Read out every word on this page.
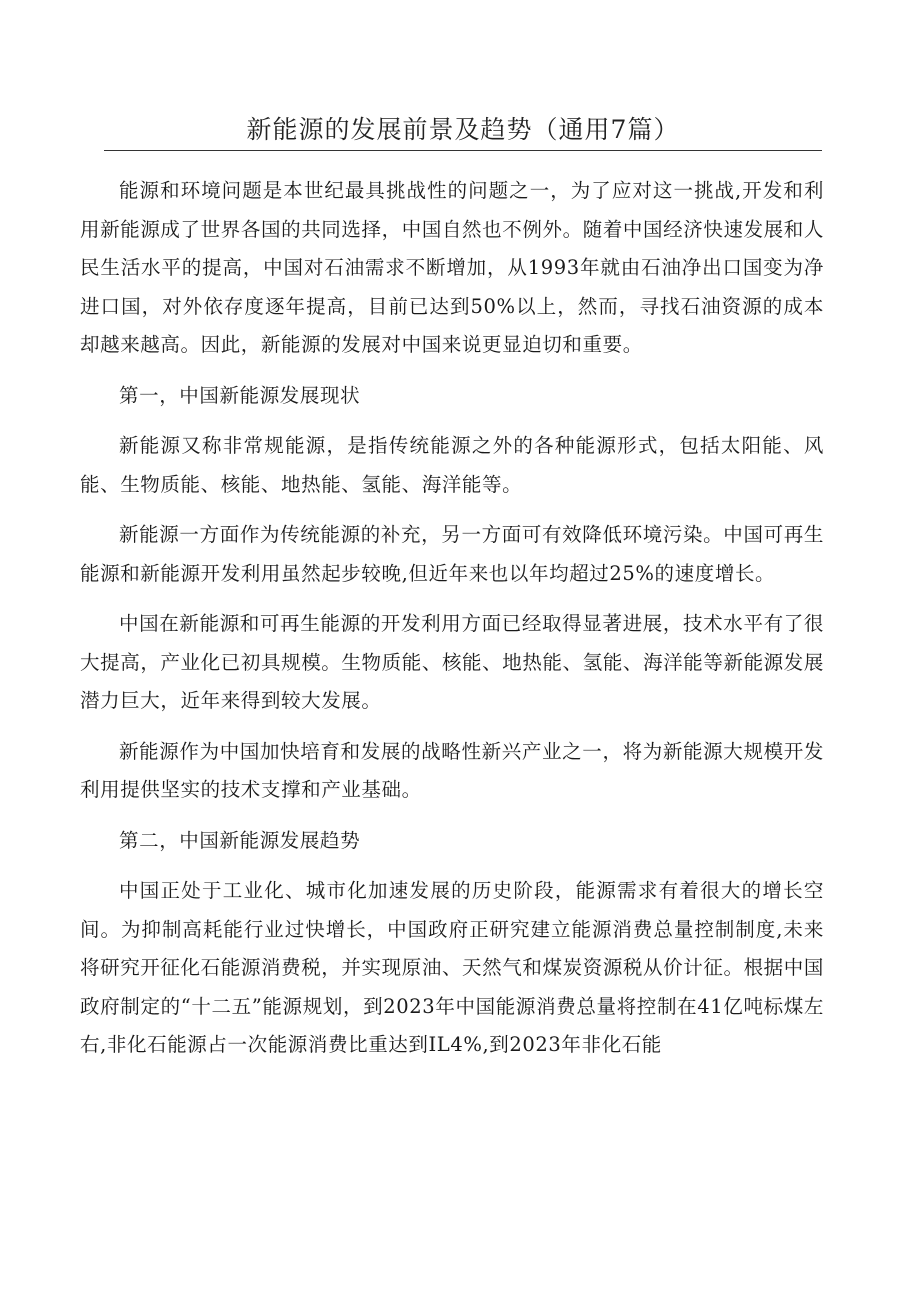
新能源的发展前景及趋势（通用7篇）

能源和环境问题是本世纪最具挑战性的问题之一，为了应对这一挑战,开发和利用新能源成了世界各国的共同选择，中国自然也不例外。随着中国经济快速发展和人民生活水平的提高，中国对石油需求不断增加，从1993年就由石油净出口国变为净进口国，对外依存度逐年提高，目前已达到50%以上，然而，寻找石油资源的成本却越来越高。因此，新能源的发展对中国来说更显迫切和重要。

第一，中国新能源发展现状

新能源又称非常规能源，是指传统能源之外的各种能源形式，包括太阳能、风能、生物质能、核能、地热能、氢能、海洋能等。

新能源一方面作为传统能源的补充，另一方面可有效降低环境污染。中国可再生能源和新能源开发利用虽然起步较晚,但近年来也以年均超过25%的速度增长。

中国在新能源和可再生能源的开发利用方面已经取得显著进展，技术水平有了很大提高，产业化已初具规模。生物质能、核能、地热能、氢能、海洋能等新能源发展潜力巨大，近年来得到较大发展。

新能源作为中国加快培育和发展的战略性新兴产业之一，将为新能源大规模开发利用提供坚实的技术支撑和产业基础。

第二，中国新能源发展趋势

中国正处于工业化、城市化加速发展的历史阶段，能源需求有着很大的增长空间。为抑制高耗能行业过快增长，中国政府正研究建立能源消费总量控制制度,未来将研究开征化石能源消费税，并实现原油、天然气和煤炭资源税从价计征。根据中国政府制定的“十二五”能源规划，到2023年中国能源消费总量将控制在41亿吨标煤左右,非化石能源占一次能源消费比重达到IL4%,到2023年非化石能
